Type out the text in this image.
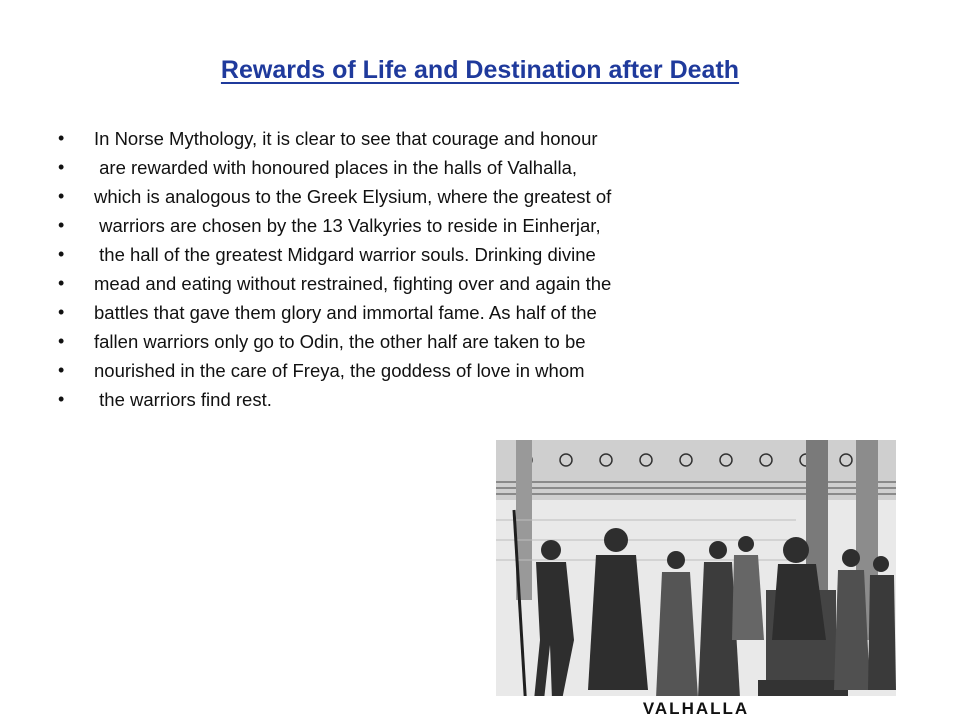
Rewards of Life and Destination after Death
•	In Norse Mythology, it is clear to see that courage and honour
•	are rewarded with honoured places in the halls of Valhalla,
•	which is analogous to the Greek Elysium, where the greatest of
•	warriors are chosen by the 13 Valkyries to reside in Einherjar,
•	the hall of the greatest Midgard warrior souls. Drinking divine
•	mead and eating without restrained, fighting over and again the
•	battles that gave them glory and immortal fame. As half of the
•	fallen warriors only go to Odin, the other half are taken to be
•	nourished in the care of Freya, the goddess of love in whom
•	the warriors find rest.
VALHALLA
